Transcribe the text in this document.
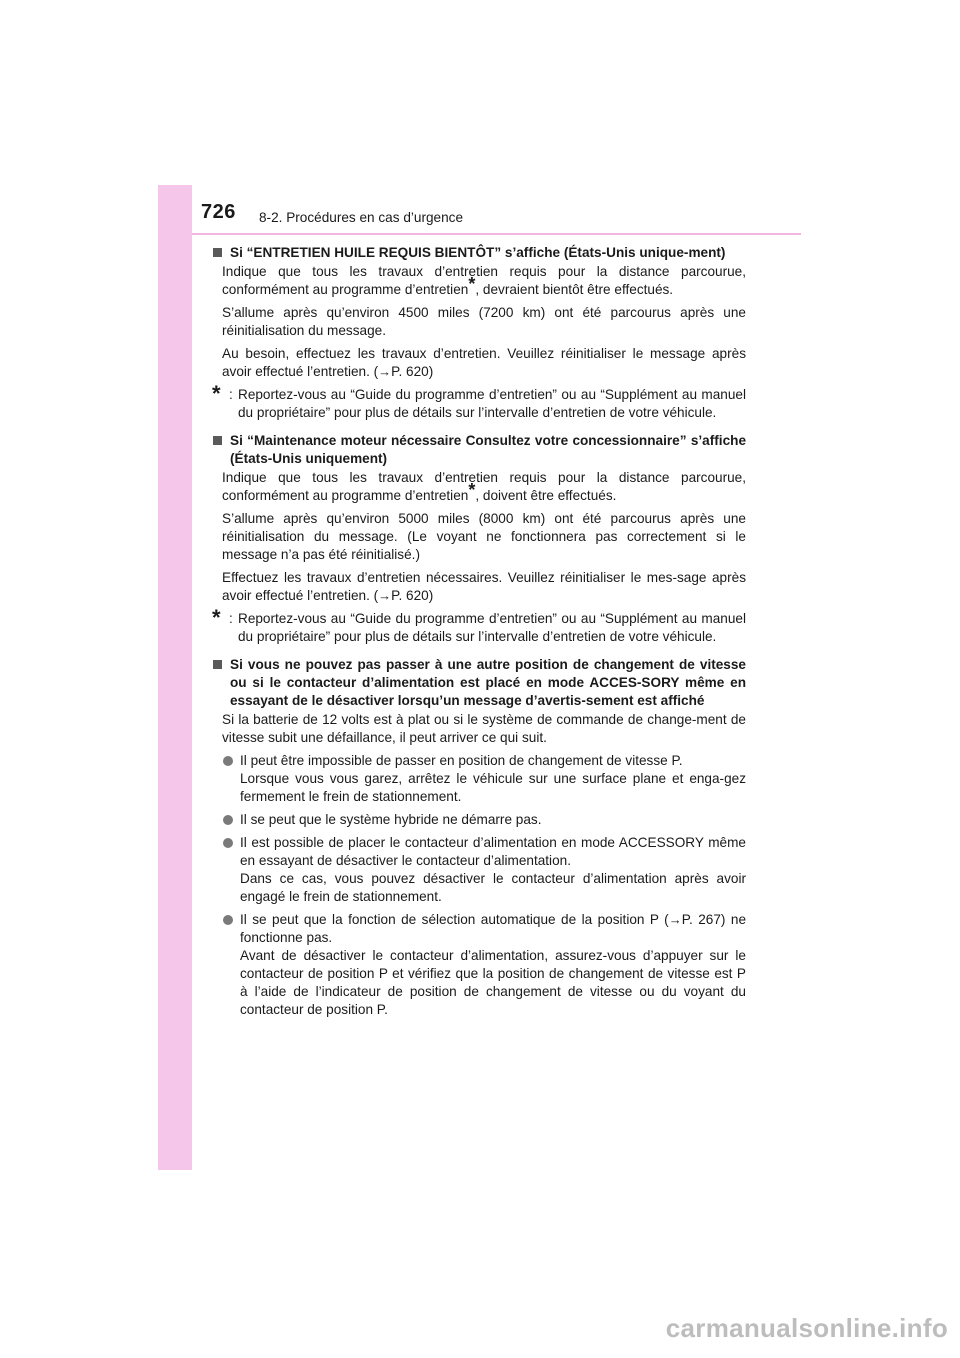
726 8-2. Procédures en cas d’urgence
Si “ENTRETIEN HUILE REQUIS BIENTÔT” s’affiche (États-Unis unique-ment)
Indique que tous les travaux d’entretien requis pour la distance parcourue, conformément au programme d’entretien*, devraient bientôt être effectués.
S’allume après qu’environ 4500 miles (7200 km) ont été parcourus après une réinitialisation du message.
Au besoin, effectuez les travaux d’entretien. Veuillez réinitialiser le message après avoir effectué l’entretien. (→P. 620)
* : Reportez-vous au “Guide du programme d’entretien” ou au “Supplément au manuel du propriétaire” pour plus de détails sur l’intervalle d’entretien de votre véhicule.
Si “Maintenance moteur nécessaire Consultez votre concessionnaire” s’affiche (États-Unis uniquement)
Indique que tous les travaux d’entretien requis pour la distance parcourue, conformément au programme d’entretien*, doivent être effectués.
S’allume après qu’environ 5000 miles (8000 km) ont été parcourus après une réinitialisation du message. (Le voyant ne fonctionnera pas correctement si le message n’a pas été réinitialisé.)
Effectuez les travaux d’entretien nécessaires. Veuillez réinitialiser le mes-sage après avoir effectué l’entretien. (→P. 620)
* : Reportez-vous au “Guide du programme d’entretien” ou au “Supplément au manuel du propriétaire” pour plus de détails sur l’intervalle d’entretien de votre véhicule.
Si vous ne pouvez pas passer à une autre position de changement de vitesse ou si le contacteur d’alimentation est placé en mode ACCES-SORY même en essayant de le désactiver lorsqu’un message d’avertis-sement est affiché
Si la batterie de 12 volts est à plat ou si le système de commande de change-ment de vitesse subit une défaillance, il peut arriver ce qui suit.
Il peut être impossible de passer en position de changement de vitesse P.
Lorsque vous vous garez, arrêtez le véhicule sur une surface plane et enga-gez fermement le frein de stationnement.
Il se peut que le système hybride ne démarre pas.
Il est possible de placer le contacteur d’alimentation en mode ACCESSORY même en essayant de désactiver le contacteur d’alimentation.
Dans ce cas, vous pouvez désactiver le contacteur d’alimentation après avoir engagé le frein de stationnement.
Il se peut que la fonction de sélection automatique de la position P (→P. 267) ne fonctionne pas.
Avant de désactiver le contacteur d’alimentation, assurez-vous d’appuyer sur le contacteur de position P et vérifiez que la position de changement de vitesse est P à l’aide de l’indicateur de position de changement de vitesse ou du voyant du contacteur de position P.
carmanualsonline.info
